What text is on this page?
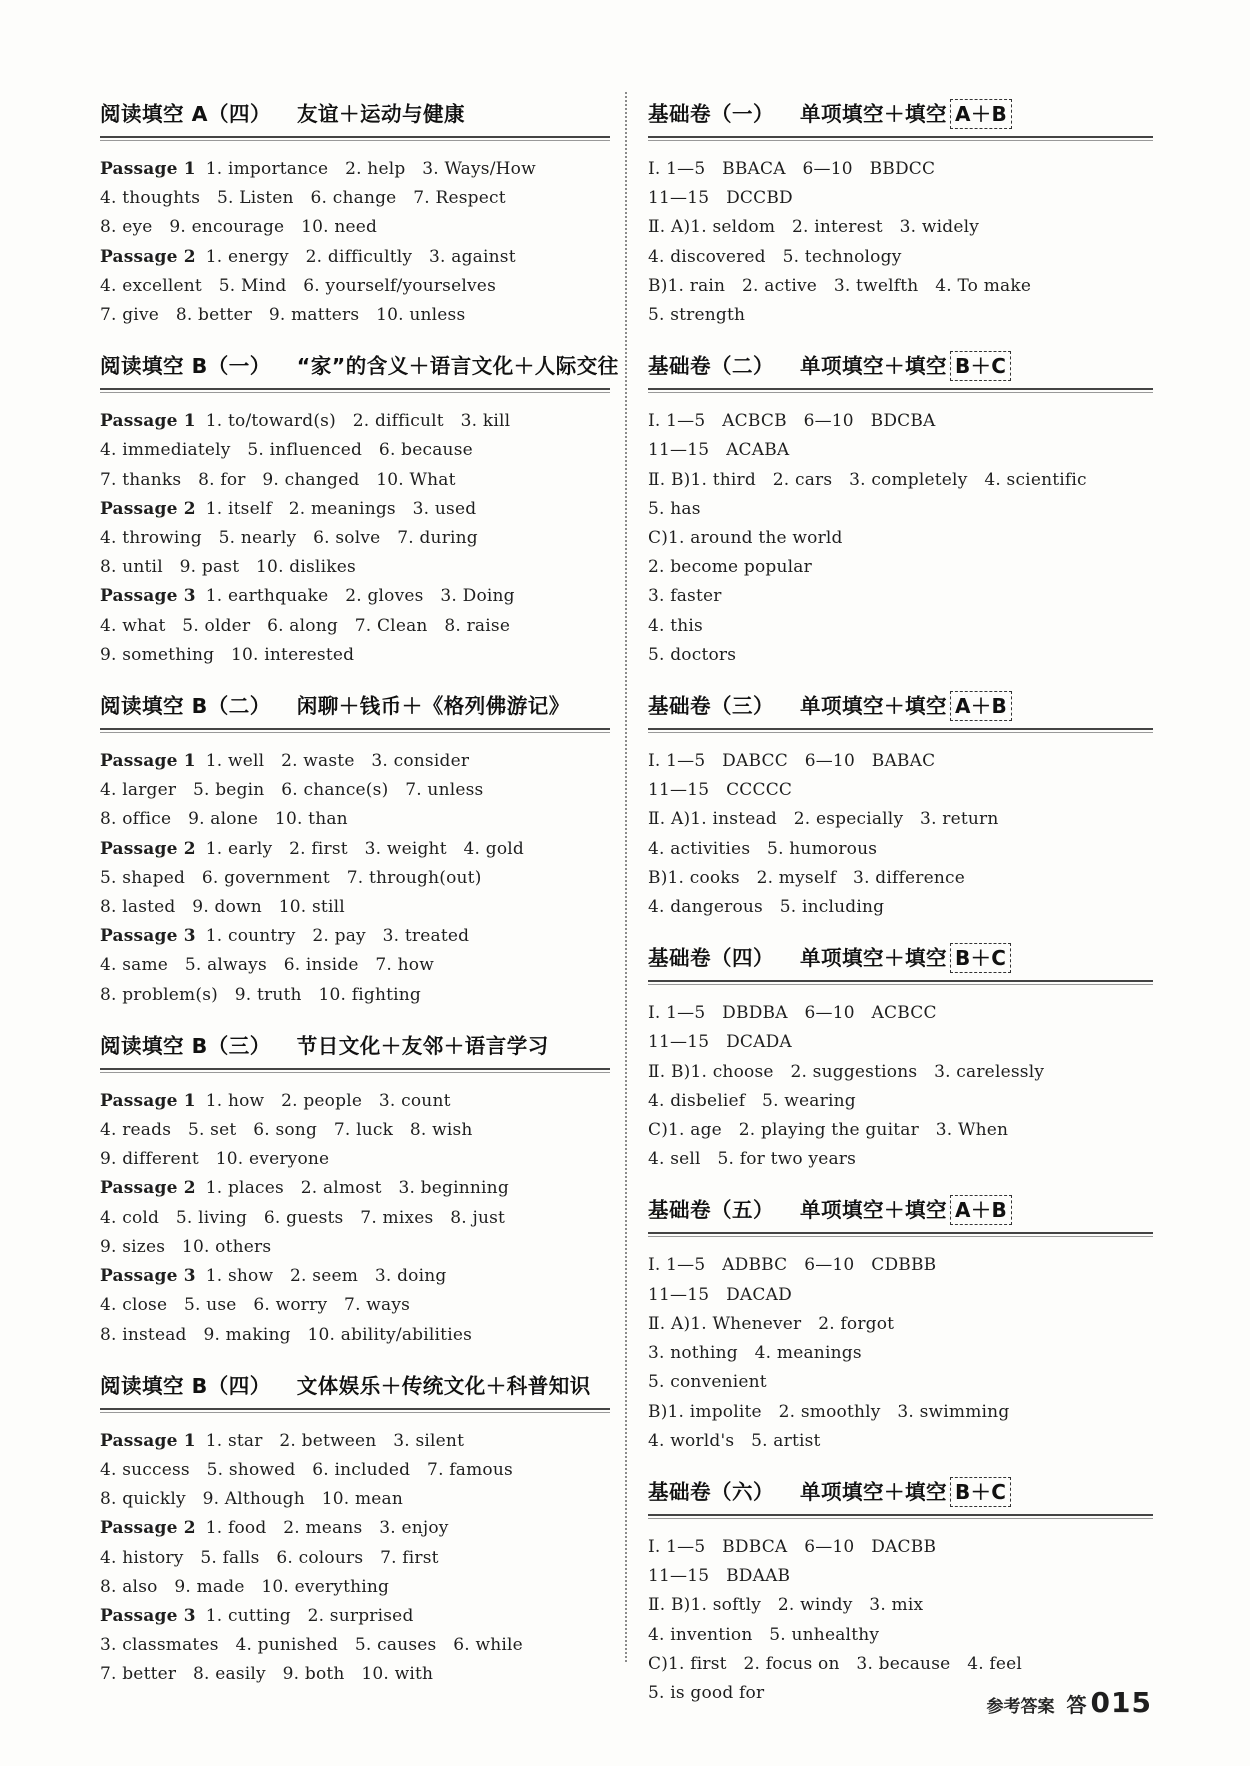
阅读填空 A（四） 友谊＋运动与健康
Passage 1 1. importance   2. help   3. Ways/How
4. thoughts   5. Listen   6. change   7. Respect
8. eye   9. encourage   10. need
Passage 2 1. energy   2. difficultly   3. against
4. excellent   5. Mind   6. yourself/yourselves
7. give   8. better   9. matters   10. unless
阅读填空 B（一） “家”的含义＋语言文化＋人际交往
Passage 1 1. to/toward(s)   2. difficult   3. kill
4. immediately   5. influenced   6. because
7. thanks   8. for   9. changed   10. What
Passage 2 1. itself   2. meanings   3. used
4. throwing   5. nearly   6. solve   7. during
8. until   9. past   10. dislikes
Passage 3 1. earthquake   2. gloves   3. Doing
4. what   5. older   6. along   7. Clean   8. raise
9. something   10. interested
阅读填空 B（二） 闲聊＋钱币＋《格列佛游记》
Passage 1 1. well   2. waste   3. consider
4. larger   5. begin   6. chance(s)   7. unless
8. office   9. alone   10. than
Passage 2 1. early   2. first   3. weight   4. gold
5. shaped   6. government   7. through(out)
8. lasted   9. down   10. still
Passage 3 1. country   2. pay   3. treated
4. same   5. always   6. inside   7. how
8. problem(s)   9. truth   10. fighting
阅读填空 B（三） 节日文化＋友邻＋语言学习
Passage 1 1. how   2. people   3. count
4. reads   5. set   6. song   7. luck   8. wish
9. different   10. everyone
Passage 2 1. places   2. almost   3. beginning
4. cold   5. living   6. guests   7. mixes   8. just
9. sizes   10. others
Passage 3 1. show   2. seem   3. doing
4. close   5. use   6. worry   7. ways
8. instead   9. making   10. ability/abilities
阅读填空 B（四） 文体娱乐＋传统文化＋科普知识
Passage 1 1. star   2. between   3. silent
4. success   5. showed   6. included   7. famous
8. quickly   9. Although   10. mean
Passage 2 1. food   2. means   3. enjoy
4. history   5. falls   6. colours   7. first
8. also   9. made   10. everything
Passage 3 1. cutting   2. surprised
3. classmates   4. punished   5. causes   6. while
7. better   8. easily   9. both   10. with
基础卷（一） 单项填空＋填空 A＋B
Ⅰ. 1—5   BBACA   6—10   BBDCC
11—15   DCCBD
Ⅱ. A)1. seldom   2. interest   3. widely
4. discovered   5. technology
B)1. rain   2. active   3. twelfth   4. To make
5. strength
基础卷（二） 单项填空＋填空 B＋C
Ⅰ. 1—5   ACBCB   6—10   BDCBA
11—15   ACABA
Ⅱ. B)1. third   2. cars   3. completely   4. scientific
5. has
C)1. around the world
2. become popular
3. faster
4. this
5. doctors
基础卷（三） 单项填空＋填空 A＋B
Ⅰ. 1—5   DABCC   6—10   BABAC
11—15   CCCCC
Ⅱ. A)1. instead   2. especially   3. return
4. activities   5. humorous
B)1. cooks   2. myself   3. difference
4. dangerous   5. including
基础卷（四） 单项填空＋填空 B＋C
Ⅰ. 1—5   DBDBA   6—10   ACBCC
11—15   DCADA
Ⅱ. B)1. choose   2. suggestions   3. carelessly
4. disbelief   5. wearing
C)1. age   2. playing the guitar   3. When
4. sell   5. for two years
基础卷（五） 单项填空＋填空 A＋B
Ⅰ. 1—5   ADBBC   6—10   CDBBB
11—15   DACAD
Ⅱ. A)1. Whenever   2. forgot
3. nothing   4. meanings
5. convenient
B)1. impolite   2. smoothly   3. swimming
4. world's   5. artist
基础卷（六） 单项填空＋填空 B＋C
Ⅰ. 1—5   BDBCA   6—10   DACBB
11—15   BDAAB
Ⅱ. B)1. softly   2. windy   3. mix
4. invention   5. unhealthy
C)1. first   2. focus on   3. because   4. feel
5. is good for
参考答案 答 015
